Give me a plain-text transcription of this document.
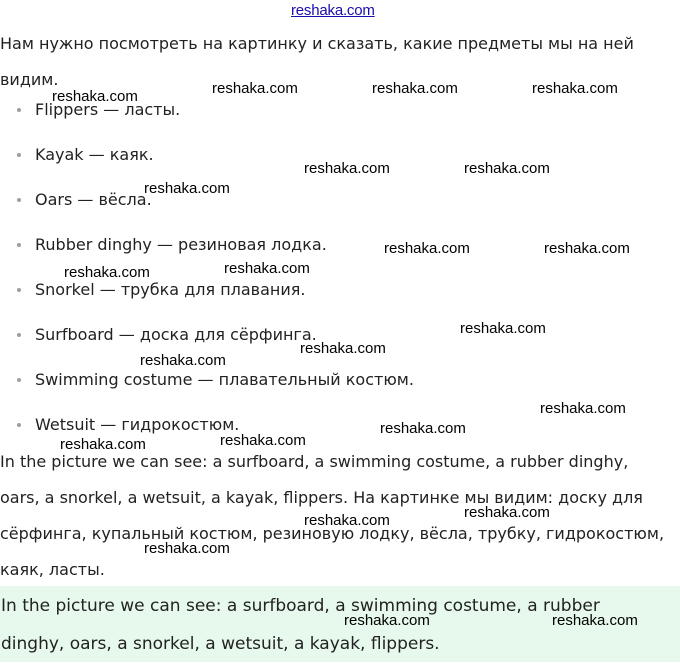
reshaka.com

Нам нужно посмотреть на картинку и сказать, какие предметы мы на ней видим.

Flippers — ласты.
Kayak — каяк.
Oars — вёсла.
Rubber dinghy — резиновая лодка.
Snorkel — трубка для плавания.
Surfboard — доска для сёрфинга.
Swimming costume — плавательный костюм.
Wetsuit — гидрокостюм.

In the picture we can see: a surfboard, a swimming costume, a rubber dinghy, oars, a snorkel, a wetsuit, a kayak, flippers. На картинке мы видим: доску для сёрфинга, купальный костюм, резиновую лодку, вёсла, трубку, гидрокостюм, каяк, ласты.

In the picture we can see: a surfboard, a swimming costume, a rubber dinghy, oars, a snorkel, a wetsuit, a kayak, flippers.

reshaka.com	reshaka.com	reshaka.com	reshaka.com
reshaka.com	reshaka.com
reshaka.com
reshaka.com	reshaka.com
reshaka.com
reshaka.com
reshaka.com
reshaka.com
reshaka.com
reshaka.com
reshaka.com
reshaka.com
reshaka.com
reshaka.com
reshaka.com
reshaka.com
reshaka.com	reshaka.com
